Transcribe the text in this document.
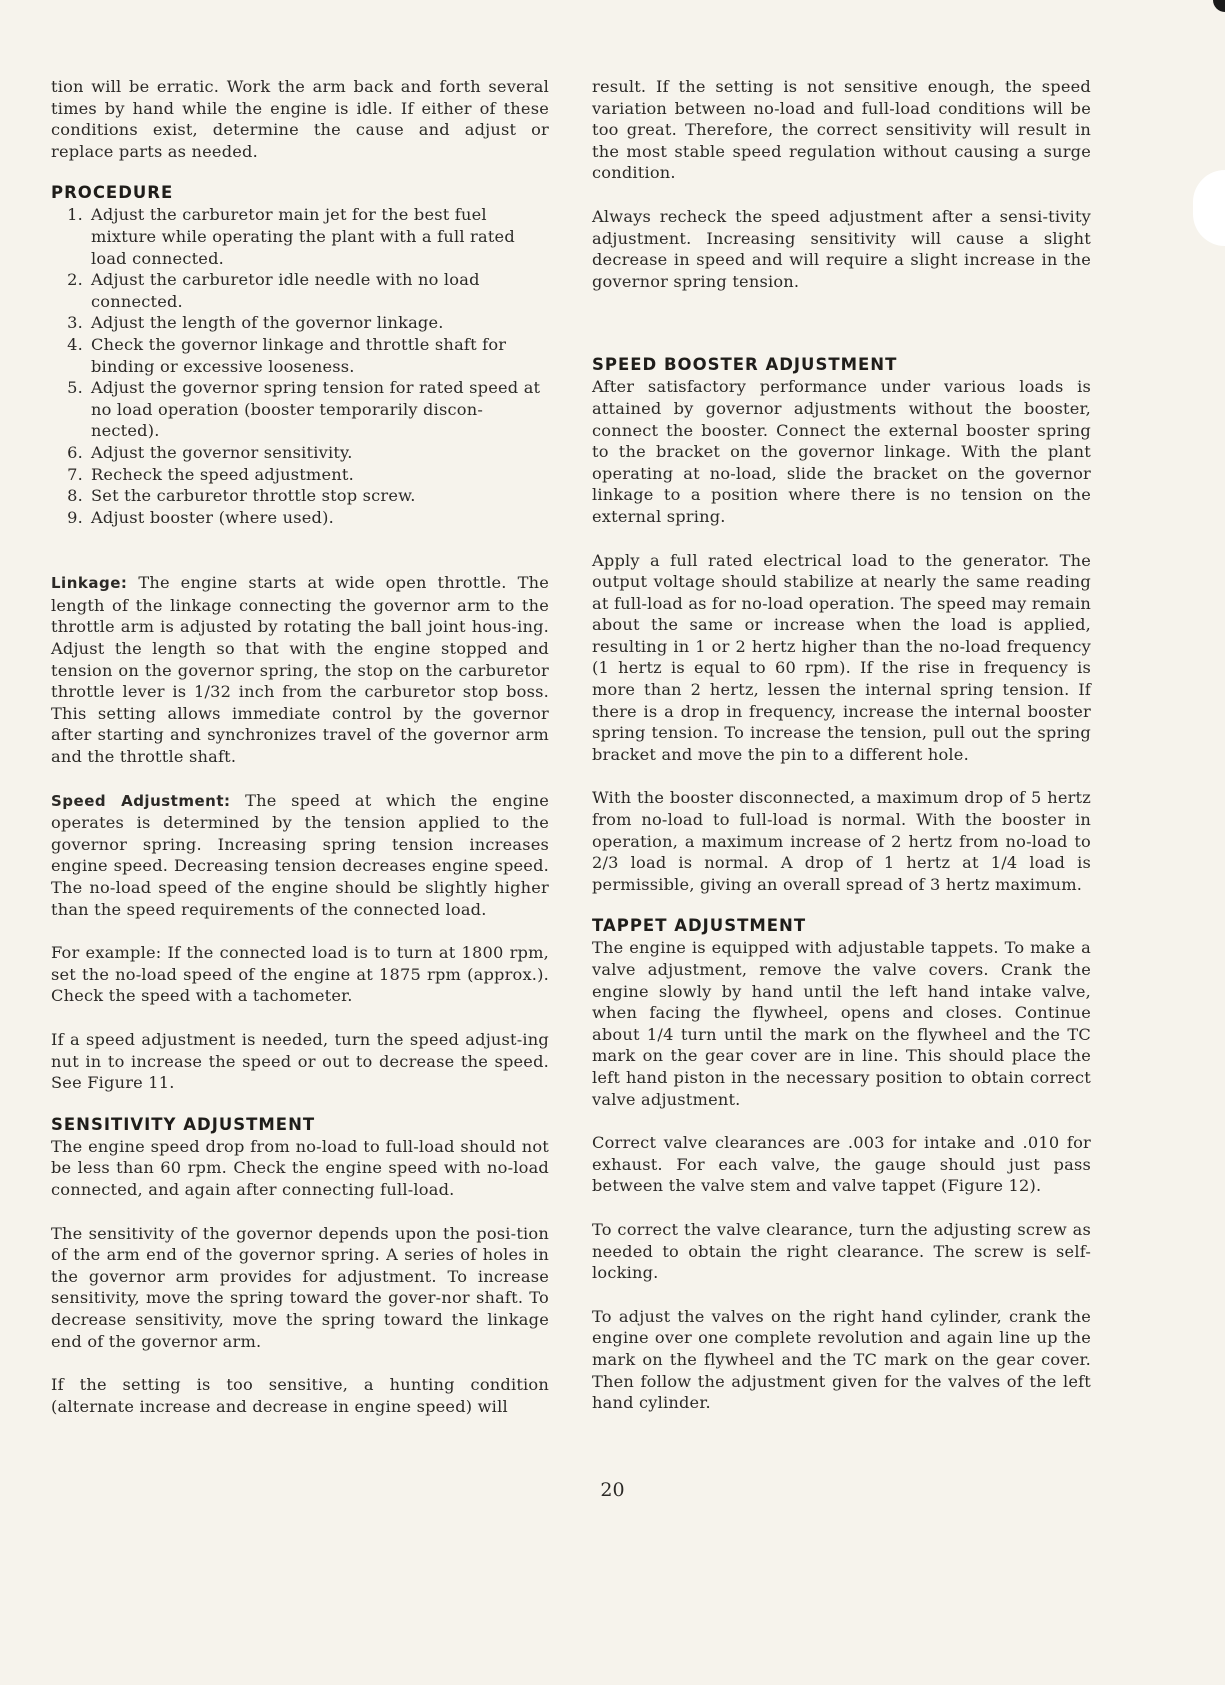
tion will be erratic. Work the arm back and forth several times by hand while the engine is idle. If either of these conditions exist, determine the cause and adjust or replace parts as needed.

PROCEDURE
1. Adjust the carburetor main jet for the best fuel mixture while operating the plant with a full rated load connected.
2. Adjust the carburetor idle needle with no load connected.
3. Adjust the length of the governor linkage.
4. Check the governor linkage and throttle shaft for binding or excessive looseness.
5. Adjust the governor spring tension for rated speed at no load operation (booster temporarily discon-nected).
6. Adjust the governor sensitivity.
7. Recheck the speed adjustment.
8. Set the carburetor throttle stop screw.
9. Adjust booster (where used).

Linkage: The engine starts at wide open throttle. The length of the linkage connecting the governor arm to the throttle arm is adjusted by rotating the ball joint hous-ing. Adjust the length so that with the engine stopped and tension on the governor spring, the stop on the carburetor throttle lever is 1/32 inch from the carburetor stop boss. This setting allows immediate control by the governor after starting and synchronizes travel of the governor arm and the throttle shaft.

Speed Adjustment: The speed at which the engine operates is determined by the tension applied to the governor spring. Increasing spring tension increases engine speed. Decreasing tension decreases engine speed. The no-load speed of the engine should be slightly higher than the speed requirements of the connected load.

For example: If the connected load is to turn at 1800 rpm, set the no-load speed of the engine at 1875 rpm (approx.). Check the speed with a tachometer.

If a speed adjustment is needed, turn the speed adjust-ing nut in to increase the speed or out to decrease the speed. See Figure 11.

SENSITIVITY ADJUSTMENT

The engine speed drop from no-load to full-load should not be less than 60 rpm. Check the engine speed with no-load connected, and again after connecting full-load.

The sensitivity of the governor depends upon the posi-tion of the arm end of the governor spring. A series of holes in the governor arm provides for adjustment. To increase sensitivity, move the spring toward the gover-nor shaft. To decrease sensitivity, move the spring toward the linkage end of the governor arm.

If the setting is too sensitive, a hunting condition (alternate increase and decrease in engine speed) will

result. If the setting is not sensitive enough, the speed variation between no-load and full-load conditions will be too great. Therefore, the correct sensitivity will result in the most stable speed regulation without causing a surge condition.

Always recheck the speed adjustment after a sensi-tivity adjustment. Increasing sensitivity will cause a slight decrease in speed and will require a slight increase in the governor spring tension.

SPEED BOOSTER ADJUSTMENT

After satisfactory performance under various loads is attained by governor adjustments without the booster, connect the booster. Connect the external booster spring to the bracket on the governor linkage. With the plant operating at no-load, slide the bracket on the governor linkage to a position where there is no tension on the external spring.

Apply a full rated electrical load to the generator. The output voltage should stabilize at nearly the same reading at full-load as for no-load operation. The speed may remain about the same or increase when the load is applied, resulting in 1 or 2 hertz higher than the no-load frequency (1 hertz is equal to 60 rpm). If the rise in frequency is more than 2 hertz, lessen the internal spring tension. If there is a drop in frequency, increase the internal booster spring tension. To increase the tension, pull out the spring bracket and move the pin to a different hole.

With the booster disconnected, a maximum drop of 5 hertz from no-load to full-load is normal. With the booster in operation, a maximum increase of 2 hertz from no-load to 2/3 load is normal. A drop of 1 hertz at 1/4 load is permissible, giving an overall spread of 3 hertz maximum.

TAPPET ADJUSTMENT

The engine is equipped with adjustable tappets. To make a valve adjustment, remove the valve covers. Crank the engine slowly by hand until the left hand intake valve, when facing the flywheel, opens and closes. Continue about 1/4 turn until the mark on the flywheel and the TC mark on the gear cover are in line. This should place the left hand piston in the necessary position to obtain correct valve adjustment.

Correct valve clearances are .003 for intake and .010 for exhaust. For each valve, the gauge should just pass between the valve stem and valve tappet (Figure 12).

To correct the valve clearance, turn the adjusting screw as needed to obtain the right clearance. The screw is self-locking.

To adjust the valves on the right hand cylinder, crank the engine over one complete revolution and again line up the mark on the flywheel and the TC mark on the gear cover. Then follow the adjustment given for the valves of the left hand cylinder.

20
